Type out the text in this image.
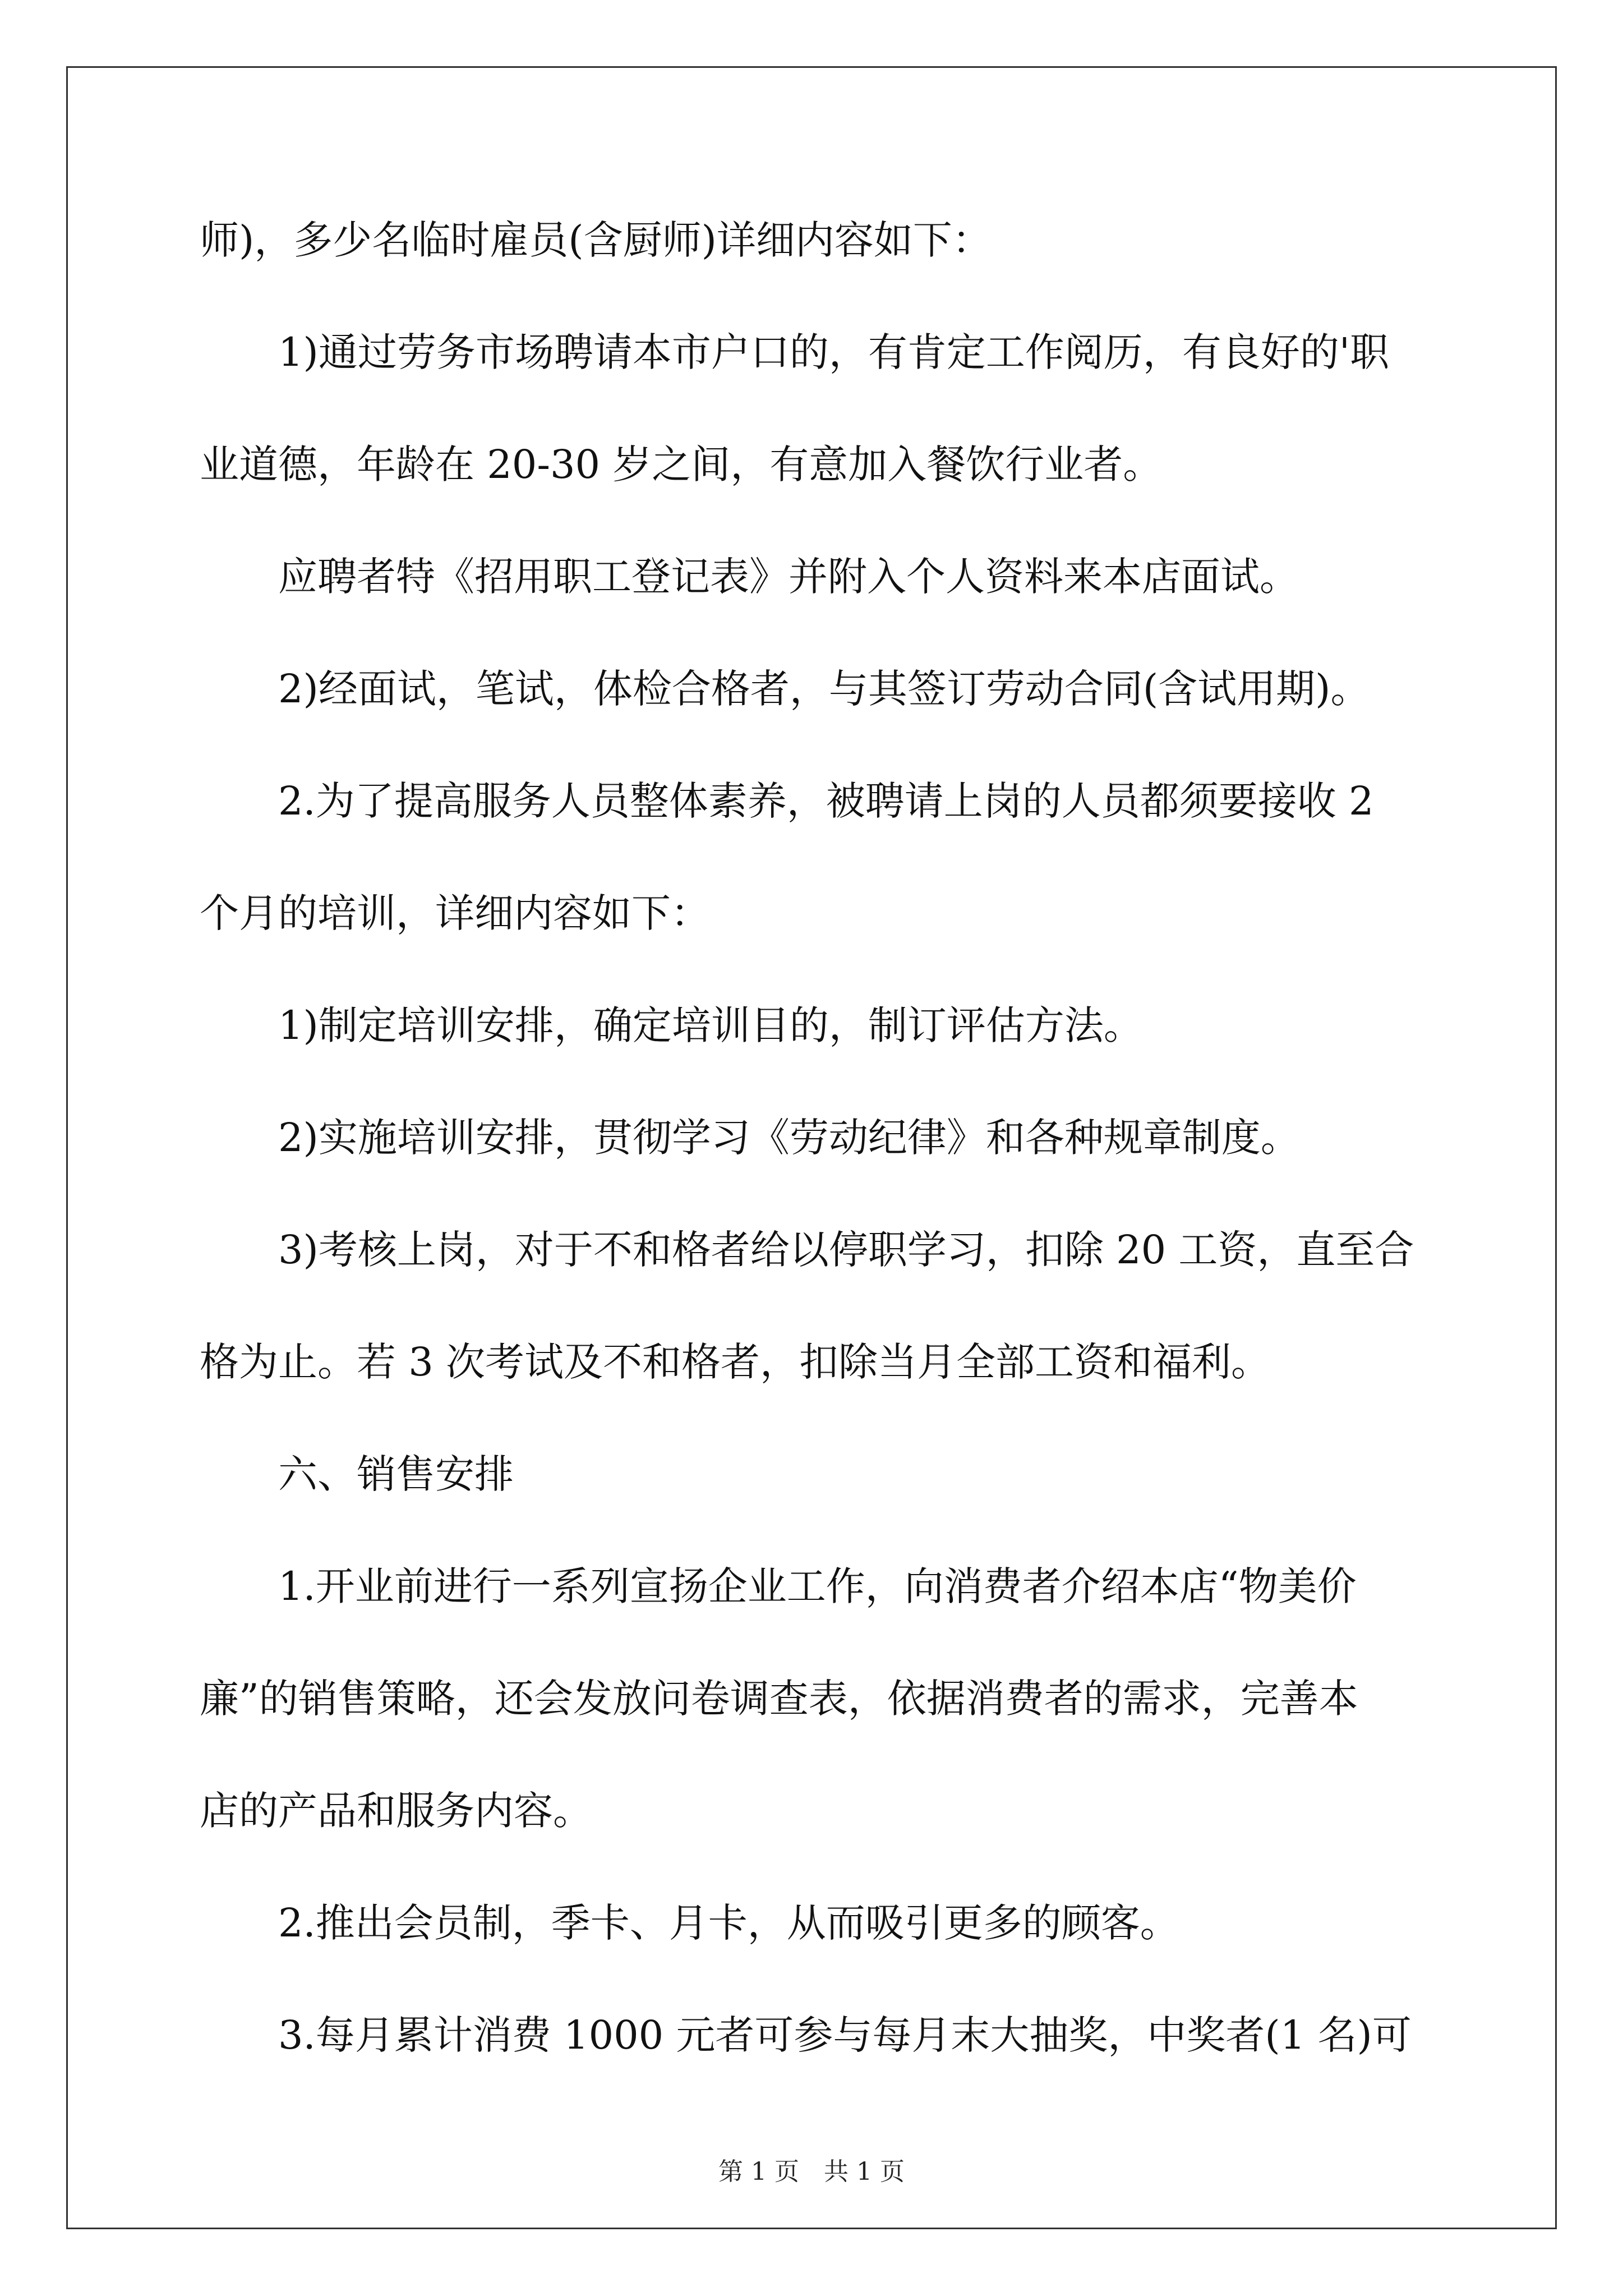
师)，多少名临时雇员(含厨师)详细内容如下：
1)通过劳务市场聘请本市户口的，有肯定工作阅历，有良好的'职
业道德，年龄在 20-30 岁之间，有意加入餐饮行业者。
应聘者特《招用职工登记表》并附入个人资料来本店面试。
2)经面试，笔试，体检合格者，与其签订劳动合同(含试用期)。
2.为了提高服务人员整体素养，被聘请上岗的人员都须要接收 2
个月的培训，详细内容如下：
1)制定培训安排，确定培训目的，制订评估方法。
2)实施培训安排，贯彻学习《劳动纪律》和各种规章制度。
3)考核上岗，对于不和格者给以停职学习，扣除 20 工资，直至合
格为止。若 3 次考试及不和格者，扣除当月全部工资和福利。
六、销售安排
1.开业前进行一系列宣扬企业工作，向消费者介绍本店“物美价
廉”的销售策略，还会发放问卷调查表，依据消费者的需求，完善本
店的产品和服务内容。
2.推出会员制，季卡、月卡，从而吸引更多的顾客。
3.每月累计消费 1000 元者可参与每月末大抽奖，中奖者(1 名)可
第 1 页　共 1 页
